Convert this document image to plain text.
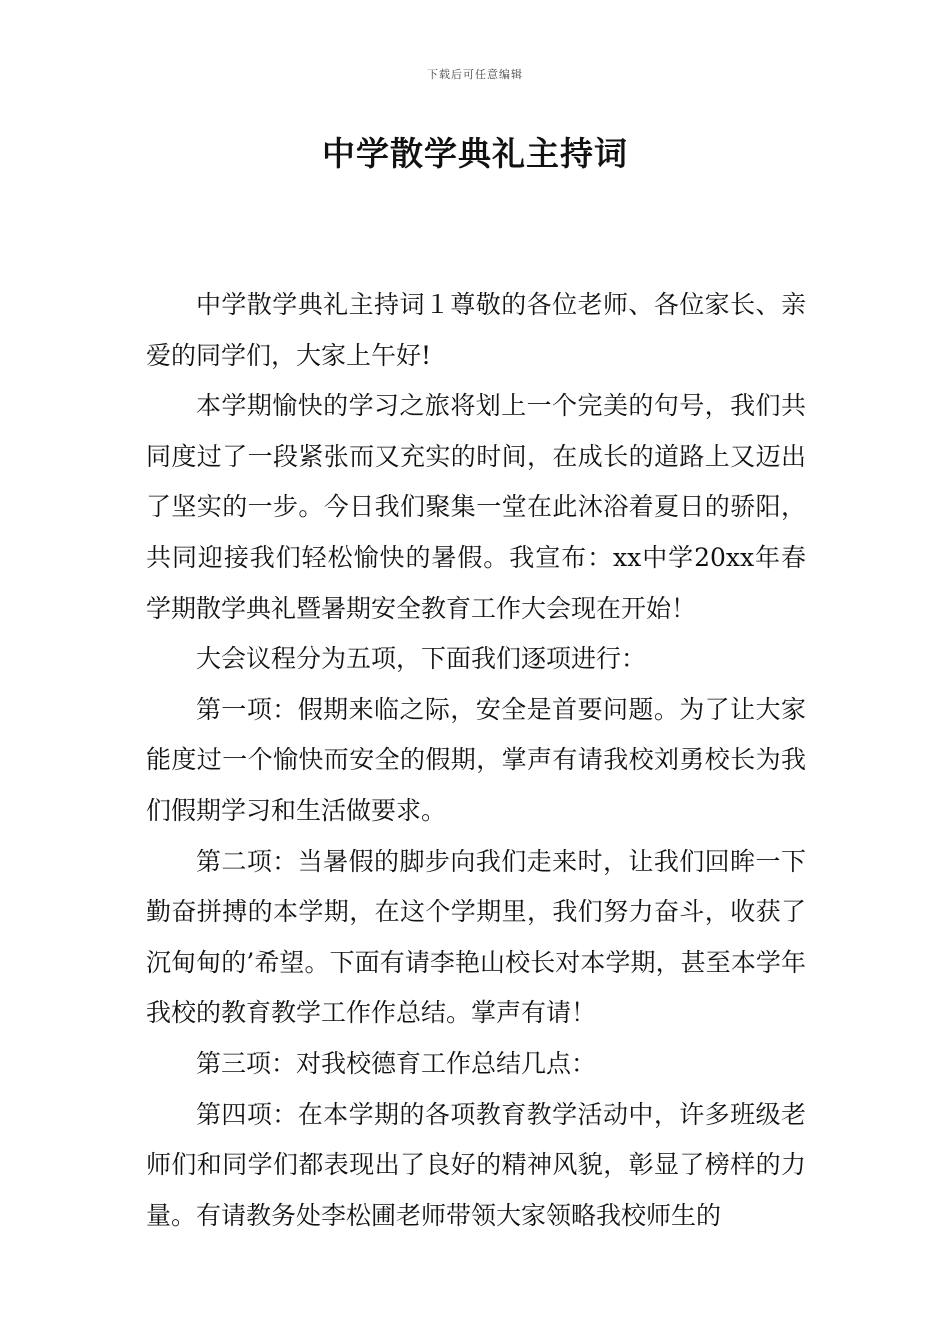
下载后可任意编辑
中学散学典礼主持词

中学散学典礼主持词１尊敬的各位老师、各位家长、亲爱的同学们，大家上午好!

本学期愉快的学习之旅将划上一个完美的句号，我们共同度过了一段紧张而又充实的时间，在成长的道路上又迈出了坚实的一步。今日我们聚集一堂在此沐浴着夏日的骄阳，共同迎接我们轻松愉快的暑假。我宣布：xx中学20xx年春学期散学典礼暨暑期安全教育工作大会现在开始！

大会议程分为五项，下面我们逐项进行：

第一项：假期来临之际，安全是首要问题。为了让大家能度过一个愉快而安全的假期，掌声有请我校刘勇校长为我们假期学习和生活做要求。

第二项：当暑假的脚步向我们走来时，让我们回眸一下勤奋拼搏的本学期，在这个学期里，我们努力奋斗，收获了沉甸甸的’希望。下面有请李艳山校长对本学期，甚至本学年我校的教育教学工作作总结。掌声有请！

第三项：对我校德育工作总结几点：

第四项：在本学期的各项教育教学活动中，许多班级老师们和同学们都表现出了良好的精神风貌，彰显了榜样的力量。有请教务处李松圃老师带领大家领略我校师生的
